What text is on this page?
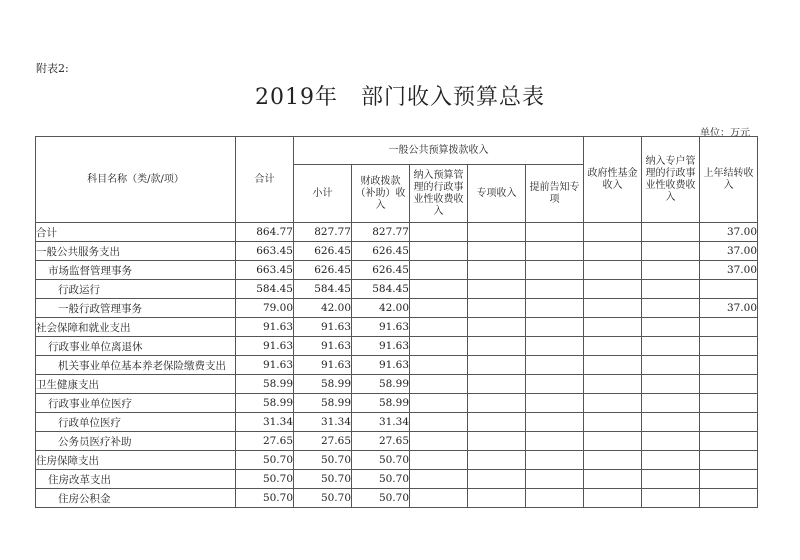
附表2:
2019年　部门收入预算总表
单位：万元
科目名称（类/款/项）	合计	一般公共预算拨款收入					政府性基金收入	纳入专户管理的行政事业性收费收入	上年结转收入
		小计	财政拨款（补助）收入	纳入预算管理的行政事业性收费收入	专项收入	提前告知专项			
合计	864.77	827.77	827.77						37.00
一般公共服务支出	663.45	626.45	626.45						37.00
市场监督管理事务	663.45	626.45	626.45						37.00
行政运行	584.45	584.45	584.45						
一般行政管理事务	79.00	42.00	42.00						37.00
社会保障和就业支出	91.63	91.63	91.63						
行政事业单位离退休	91.63	91.63	91.63						
机关事业单位基本养老保险缴费支出	91.63	91.63	91.63						
卫生健康支出	58.99	58.99	58.99						
行政事业单位医疗	58.99	58.99	58.99						
行政单位医疗	31.34	31.34	31.34						
公务员医疗补助	27.65	27.65	27.65						
住房保障支出	50.70	50.70	50.70						
住房改革支出	50.70	50.70	50.70						
住房公积金	50.70	50.70	50.70						
